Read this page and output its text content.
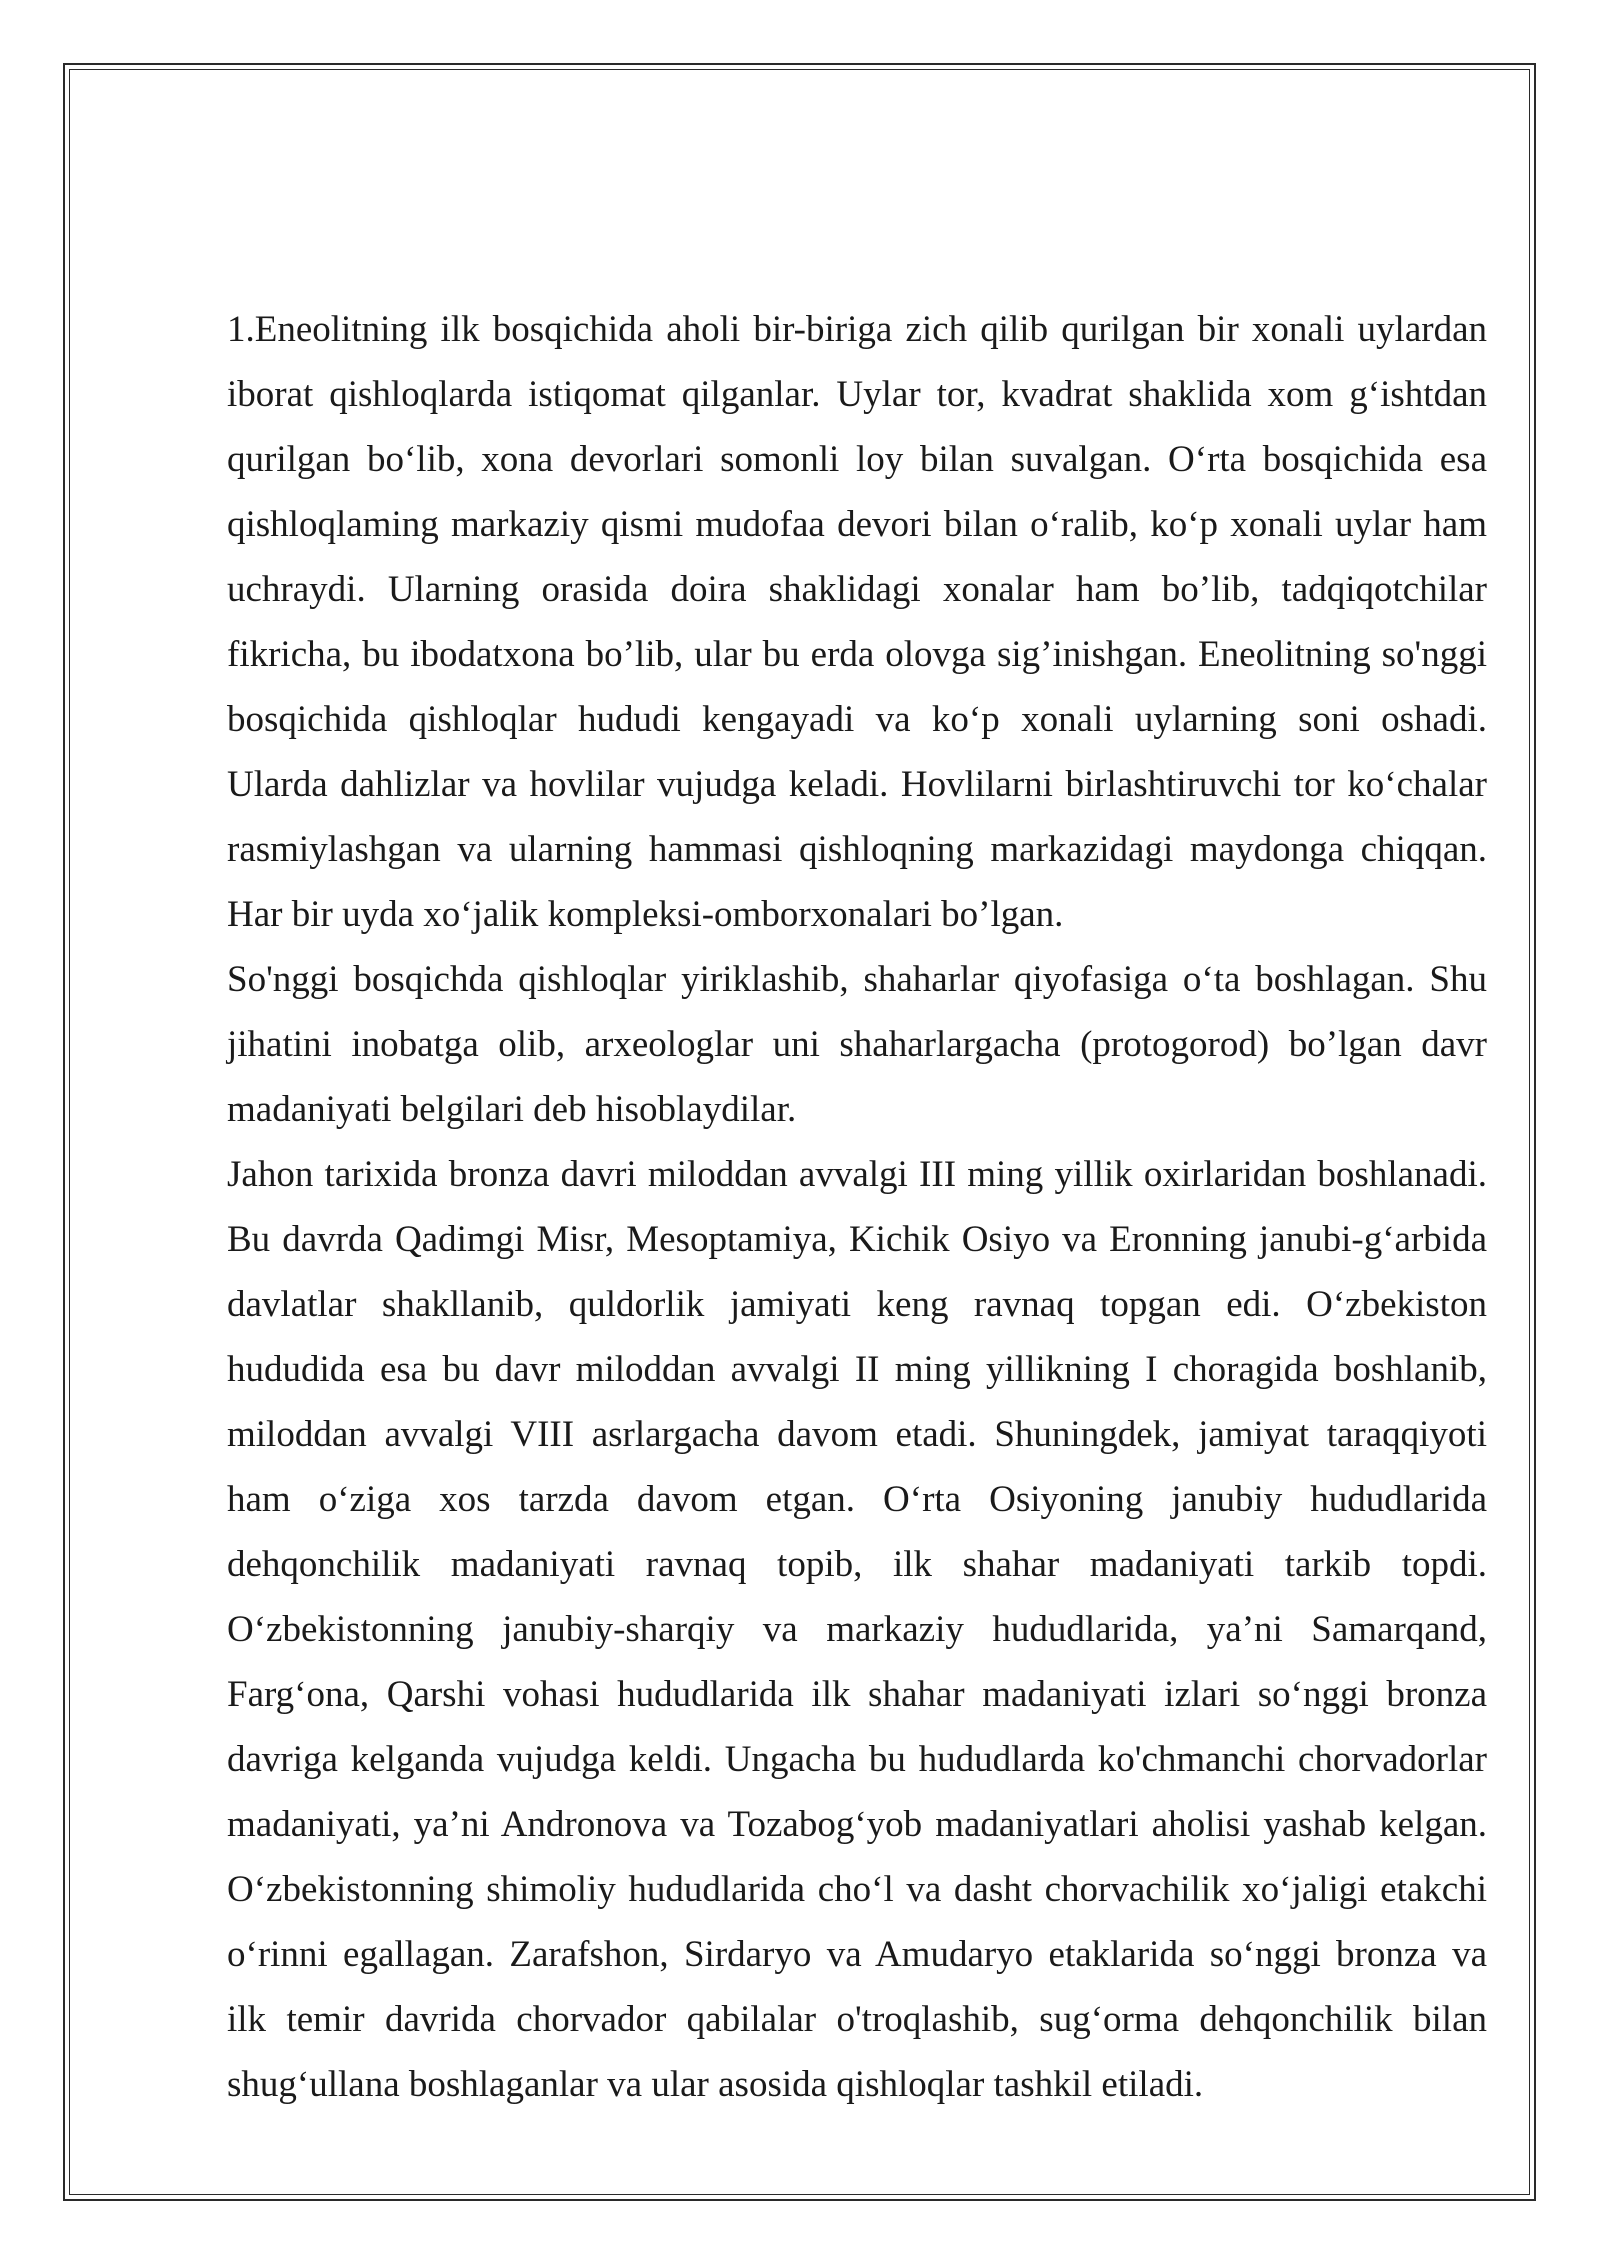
1.Eneolitning ilk bosqichida aholi bir-biriga zich qilib qurilgan bir xonali uylardan
iborat qishloqlarda istiqomat qilganlar. Uylar tor, kvadrat shaklida xom g‘ishtdan
qurilgan bo‘lib, xona devorlari somonli loy bilan suvalgan. O‘rta bosqichida esa
qishloqlaming markaziy qismi mudofaa devori bilan o‘ralib, ko‘p xonali uylar ham
uchraydi. Ularning orasida doira shaklidagi xonalar ham bo’lib, tadqiqotchilar
fikricha, bu ibodatxona bo’lib, ular bu erda olovga sig’inishgan. Eneolitning so'nggi
bosqichida qishloqlar hududi kengayadi va ko‘p xonali uylarning soni oshadi.
Ularda dahlizlar va hovlilar vujudga keladi. Hovlilarni birlashtiruvchi tor ko‘chalar
rasmiylashgan va ularning hammasi qishloqning markazidagi maydonga chiqqan.
Har bir uyda xo‘jalik kompleksi-omborxonalari bo’lgan.
So'nggi bosqichda qishloqlar yiriklashib, shaharlar qiyofasiga o‘ta boshlagan. Shu
jihatini inobatga olib, arxeologlar uni shaharlargacha (protogorod) bo’lgan davr
madaniyati belgilari deb hisoblaydilar.
Jahon tarixida bronza davri miloddan avvalgi III ming yillik oxirlaridan boshlanadi.
Bu davrda Qadimgi Misr, Mesoptamiya, Kichik Osiyo va Eronning janubi-g‘arbida
davlatlar shakllanib, quldorlik jamiyati keng ravnaq topgan edi. O‘zbekiston
hududida esa bu davr miloddan avvalgi II ming yillikning I choragida boshlanib,
miloddan avvalgi VIII asrlargacha davom etadi. Shuningdek, jamiyat taraqqiyoti
ham o‘ziga xos tarzda davom etgan. O‘rta Osiyoning janubiy hududlarida
dehqonchilik madaniyati ravnaq topib, ilk shahar madaniyati tarkib topdi.
O‘zbekistonning janubiy-sharqiy va markaziy hududlarida, ya’ni Samarqand,
Farg‘ona, Qarshi vohasi hududlarida ilk shahar madaniyati izlari so‘nggi bronza
davriga kelganda vujudga keldi. Ungacha bu hududlarda ko'chmanchi chorvadorlar
madaniyati, ya’ni Andronova va Tozabog‘yob madaniyatlari aholisi yashab kelgan.
O‘zbekistonning shimoliy hududlarida cho‘l va dasht chorvachilik xo‘jaligi etakchi
o‘rinni egallagan. Zarafshon, Sirdaryo va Amudaryo etaklarida so‘nggi bronza va
ilk temir davrida chorvador qabilalar o'troqlashib, sug‘orma dehqonchilik bilan
shug‘ullana boshlaganlar va ular asosida qishloqlar tashkil etiladi.
